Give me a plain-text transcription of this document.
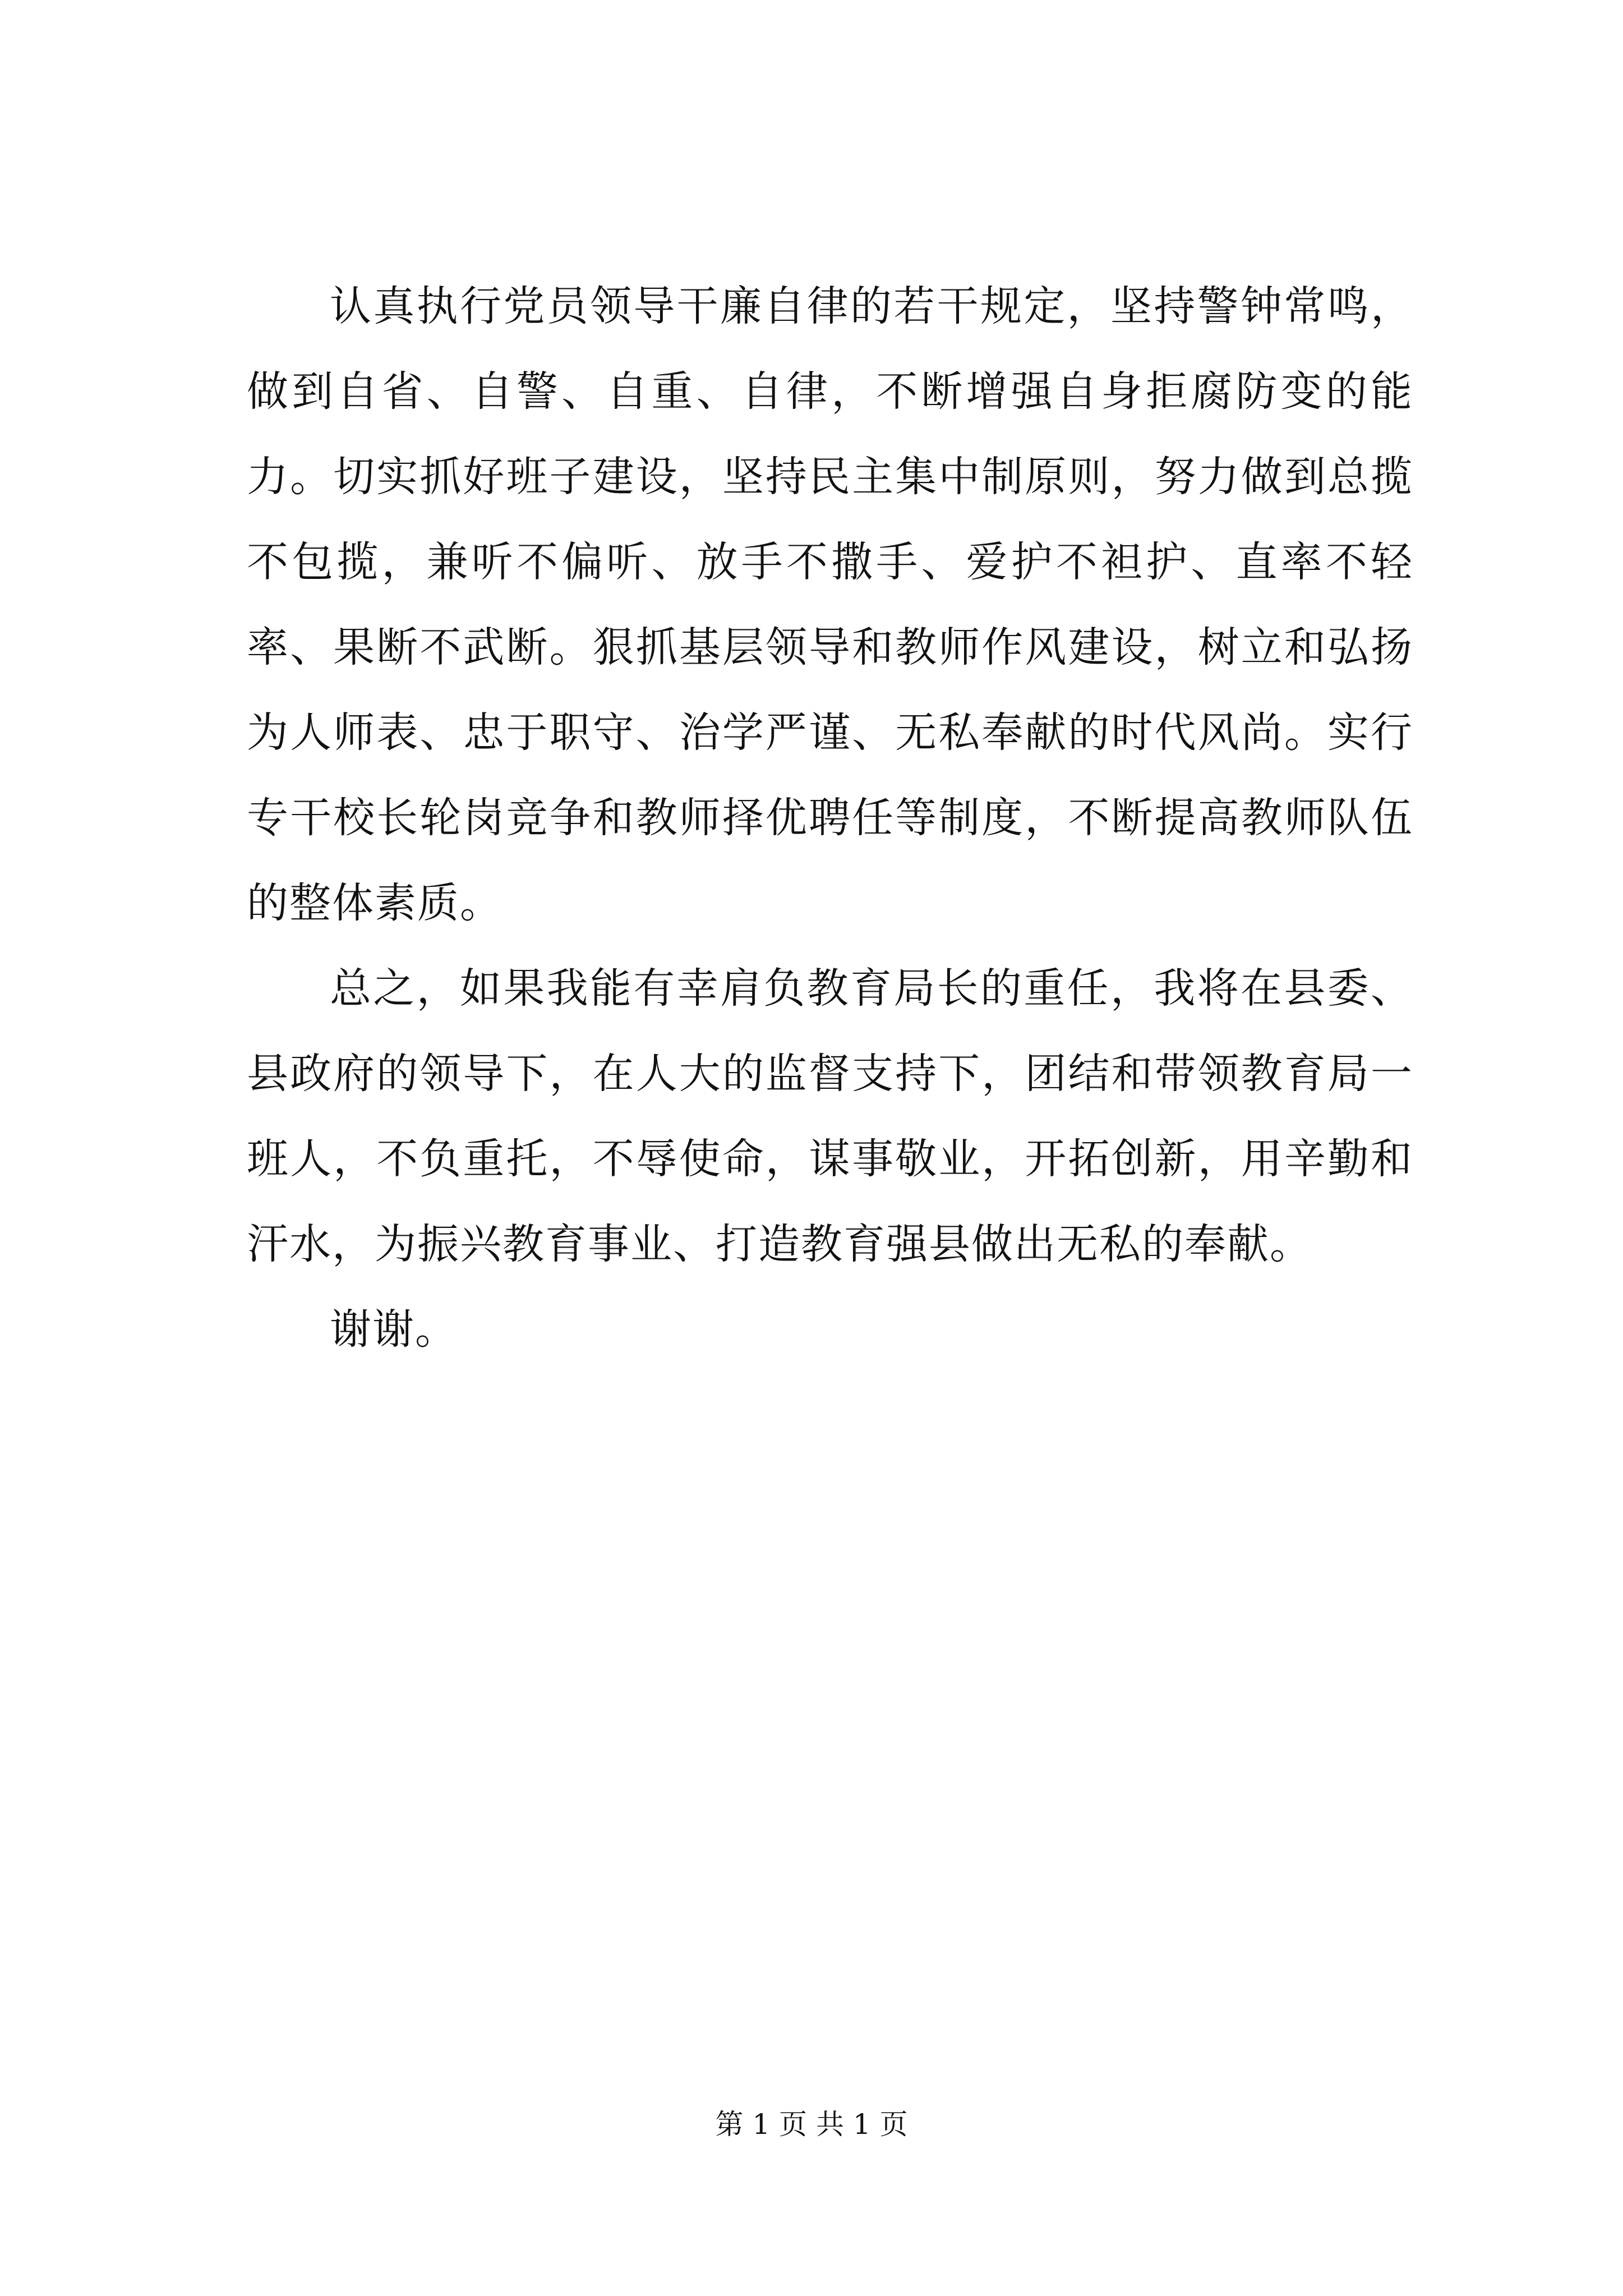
认真执行党员领导干廉自律的若干规定，坚持警钟常鸣，做到自省、自警、自重、自律，不断增强自身拒腐防变的能力。切实抓好班子建设，坚持民主集中制原则，努力做到总揽不包揽，兼听不偏听、放手不撒手、爱护不袒护、直率不轻率、果断不武断。狠抓基层领导和教师作风建设，树立和弘扬为人师表、忠于职守、治学严谨、无私奉献的时代风尚。实行专干校长轮岗竞争和教师择优聘任等制度，不断提高教师队伍的整体素质。

总之，如果我能有幸肩负教育局长的重任，我将在县委、县政府的领导下，在人大的监督支持下，团结和带领教育局一班人，不负重托，不辱使命，谋事敬业，开拓创新，用辛勤和汗水，为振兴教育事业、打造教育强县做出无私的奉献。

谢谢。

第 1 页 共 1 页
